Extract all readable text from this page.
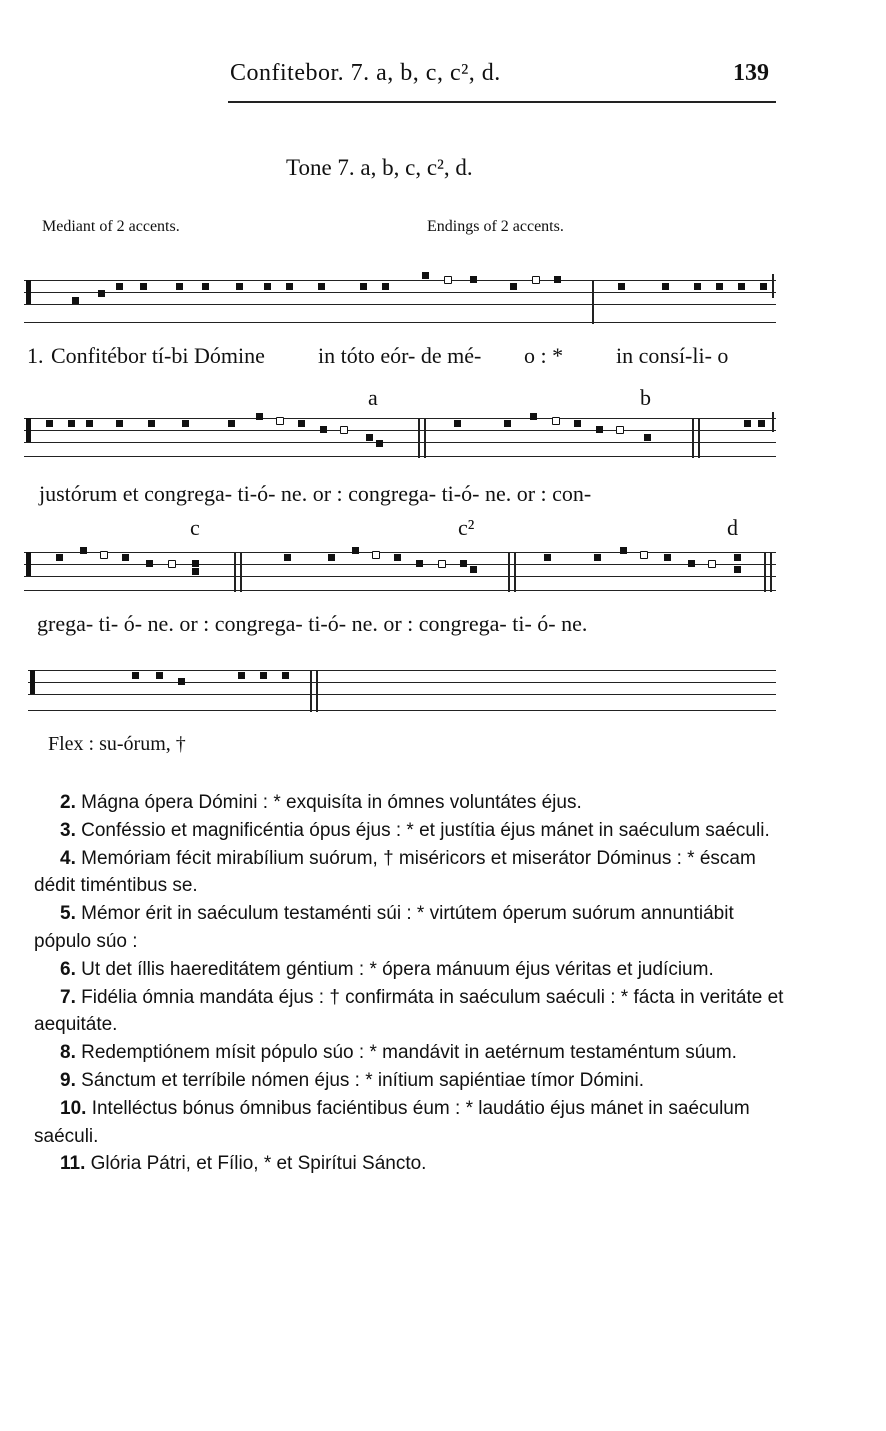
Confitebor. 7. a, b, c, c², d.	139
Tone 7. a, b, c, c², d.
Mediant of 2 accents.	Endings of 2 accents.
1. Confitébor tí-bi Dómine in tóto eór- de mé- o : * in consí-li- o
a	b
justórum et congrega- ti-ó- ne. or : congrega- ti-ó- ne. or : con-
c	c²	d
grega- ti- ó- ne. or : congrega- ti-ó- ne. or : congrega- ti- ó- ne.
Flex : su-órum, †

2. Mágna ópera Dómini : * exquisíta in ómnes voluntátes éjus.

3. Conféssio et magnificéntia ópus éjus : * et justítia éjus mánet in saéculum saéculi.

4. Memóriam fécit mirabílium suórum, † miséricors et miserátor Dóminus : * éscam dédit timéntibus se.

5. Mémor érit in saéculum testaménti súi : * virtútem óperum suórum annuntiábit pópulo súo :

6. Ut det íllis haereditátem géntium : * ópera mánuum éjus véritas et judícium.

7. Fidélia ómnia mandáta éjus : † confirmáta in saéculum saéculi : * fácta in veritáte et aequitáte.

8. Redemptiónem mísit pópulo súo : * mandávit in aetérnum testaméntum súum.

9. Sánctum et terríbile nómen éjus : * inítium sapiéntiae tímor Dómini.

10. Intelléctus bónus ómnibus faciéntibus éum : * laudátio éjus mánet in saéculum saéculi.

11. Glória Pátri, et Fílio, * et Spirítui Sáncto.
